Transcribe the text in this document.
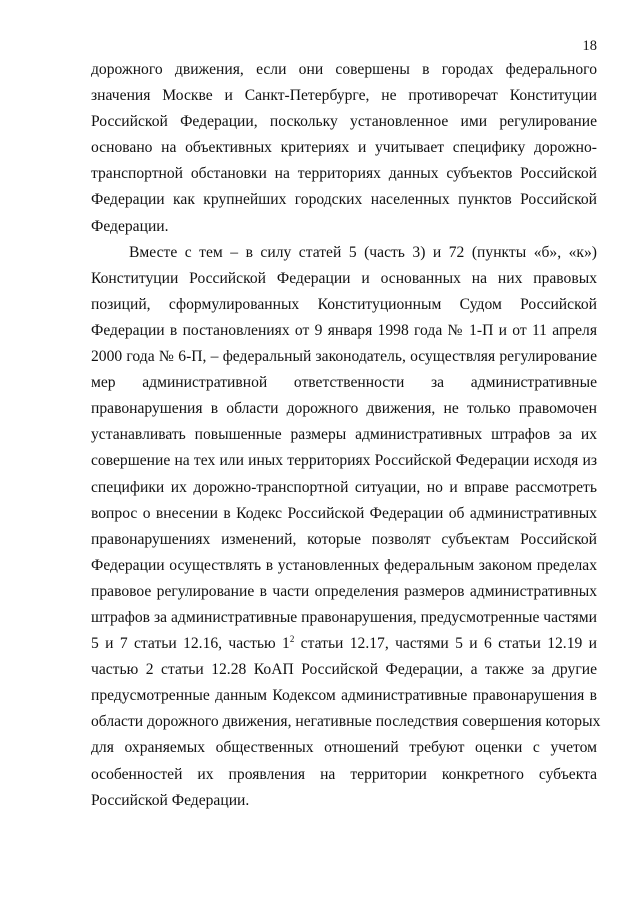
18
дорожного движения, если они совершены в городах федерального
значения Москве и Санкт-Петербурге, не противоречат Конституции
Российской Федерации, поскольку установленное ими регулирование
основано на объективных критериях и учитывает специфику дорожно-
транспортной обстановки на территориях данных субъектов Российской
Федерации как крупнейших городских населенных пунктов Российской
Федерации.
Вместе с тем – в силу статей 5 (часть 3) и 72 (пункты «б», «к»)
Конституции Российской Федерации и основанных на них правовых
позиций, сформулированных Конституционным Судом Российской
Федерации в постановлениях от 9 января 1998 года № 1-П и от 11 апреля
2000 года № 6-П, – федеральный законодатель, осуществляя регулирование
мер административной ответственности за административные
правонарушения в области дорожного движения, не только правомочен
устанавливать повышенные размеры административных штрафов за их
совершение на тех или иных территориях Российской Федерации исходя из
специфики их дорожно-транспортной ситуации, но и вправе рассмотреть
вопрос о внесении в Кодекс Российской Федерации об административных
правонарушениях изменений, которые позволят субъектам Российской
Федерации осуществлять в установленных федеральным законом пределах
правовое регулирование в части определения размеров административных
штрафов за административные правонарушения, предусмотренные частями
5 и 7 статьи 12.16, частью $1^2$ статьи 12.17, частями 5 и 6 статьи 12.19 и
частью 2 статьи 12.28 КоАП Российской Федерации, а также за другие
предусмотренные данным Кодексом административные правонарушения в
области дорожного движения, негативные последствия совершения которых
для охраняемых общественных отношений требуют оценки с учетом
особенностей их проявления на территории конкретного субъекта
Российской Федерации.
